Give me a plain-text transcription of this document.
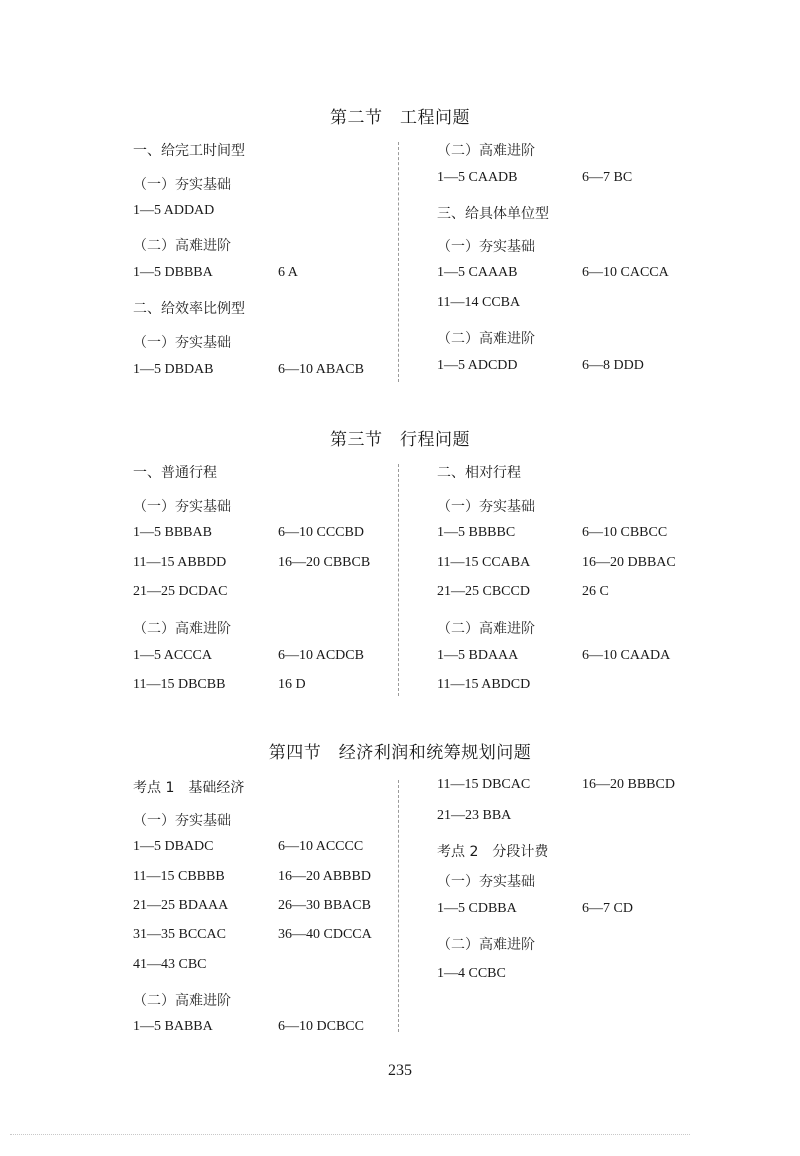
第二节　工程问题
一、给完工时间型
（一）夯实基础
1—5 ADDAD
（二）高难进阶
1—5 DBBBA	6 A
二、给效率比例型
（一）夯实基础
1—5 DBDAB	6—10 ABACB
（二）高难进阶
1—5 CAADB	6—7 BC
三、给具体单位型
（一）夯实基础
1—5 CAAAB	6—10 CACCA
11—14 CCBA
（二）高难进阶
1—5 ADCDD	6—8 DDD
第三节　行程问题
一、普通行程
（一）夯实基础
1—5 BBBAB	6—10 CCCBD
11—15 ABBDD	16—20 CBBCB
21—25 DCDAC
（二）高难进阶
1—5 ACCCA	6—10 ACDCB
11—15 DBCBB	16 D
二、相对行程
（一）夯实基础
1—5 BBBBC	6—10 CBBCC
11—15 CCABA	16—20 DBBAC
21—25 CBCCD	26 C
（二）高难进阶
1—5 BDAAA	6—10 CAADA
11—15 ABDCD
第四节　经济利润和统筹规划问题
考点 1　基础经济
（一）夯实基础
1—5 DBADC	6—10 ACCCC
11—15 CBBBB	16—20 ABBBD
21—25 BDAAA	26—30 BBACB
31—35 BCCAC	36—40 CDCCA
41—43 CBC
（二）高难进阶
1—5 BABBA	6—10 DCBCC
11—15 DBCAC	16—20 BBBCD
21—23 BBA
考点 2　分段计费
（一）夯实基础
1—5 CDBBA	6—7 CD
（二）高难进阶
1—4 CCBC
235
